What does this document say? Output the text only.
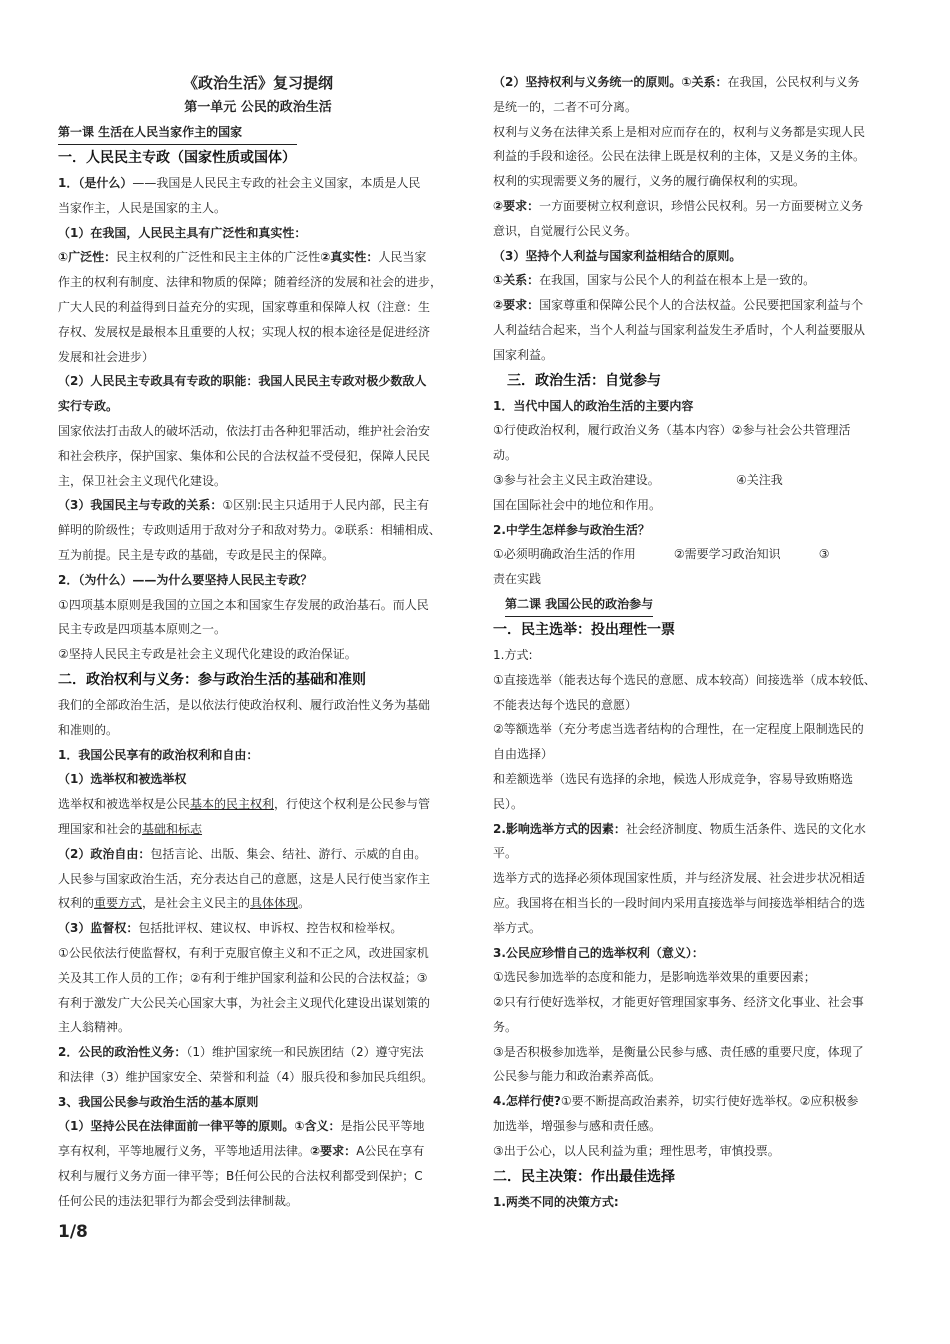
《政治生活》复习提纲

第一单元 公民的政治生活

第一课 生活在人民当家作主的国家

一．人民民主专政（国家性质或国体）

1．（是什么）——我国是人民民主专政的社会主义国家，本质是人民

当家作主，人民是国家的主人。

（1）在我国，人民民主具有广泛性和真实性：

①广泛性：民主权利的广泛性和民主主体的广泛性②真实性：人民当家

作主的权利有制度、法律和物质的保障；随着经济的发展和社会的进步，

广大人民的利益得到日益充分的实现，国家尊重和保障人权（注意：生

存权、发展权是最根本且重要的人权；实现人权的根本途径是促进经济

发展和社会进步）

（2）人民民主专政具有专政的职能：我国人民民主专政对极少数敌人

实行专政。

国家依法打击敌人的破坏活动，依法打击各种犯罪活动，维护社会治安

和社会秩序，保护国家、集体和公民的合法权益不受侵犯，保障人民民

主，保卫社会主义现代化建设。

（3）我国民主与专政的关系：①区别:民主只适用于人民内部，民主有

鲜明的阶级性；专政则适用于敌对分子和敌对势力。②联系：相辅相成、

互为前提。民主是专政的基础，专政是民主的保障。

2．（为什么）——为什么要坚持人民民主专政？

①四项基本原则是我国的立国之本和国家生存发展的政治基石。而人民

民主专政是四项基本原则之一。

②坚持人民民主专政是社会主义现代化建设的政治保证。

二．政治权利与义务：参与政治生活的基础和准则

我们的全部政治生活，是以依法行使政治权利、履行政治性义务为基础

和准则的。

1．我国公民享有的政治权利和自由：

（1）选举权和被选举权

选举权和被选举权是公民基本的民主权利，行使这个权利是公民参与管

理国家和社会的基础和标志

（2）政治自由：包括言论、出版、集会、结社、游行、示威的自由。

人民参与国家政治生活，充分表达自己的意愿，这是人民行使当家作主

权利的重要方式，是社会主义民主的具体体现。

（3）监督权：包括批评权、建议权、申诉权、控告权和检举权。

①公民依法行使监督权，有利于克服官僚主义和不正之风，改进国家机

关及其工作人员的工作；②有利于维护国家利益和公民的合法权益；③

有利于激发广大公民关心国家大事，为社会主义现代化建设出谋划策的

主人翁精神。

2．公民的政治性义务：（1）维护国家统一和民族团结（2）遵守宪法

和法律（3）维护国家安全、荣誉和利益（4）服兵役和参加民兵组织。

3、我国公民参与政治生活的基本原则

（1）坚持公民在法律面前一律平等的原则。①含义：是指公民平等地

享有权利，平等地履行义务，平等地适用法律。②要求：A公民在享有

权利与履行义务方面一律平等；B任何公民的合法权利都受到保护；C

任何公民的违法犯罪行为都会受到法律制裁。

（2）坚持权利与义务统一的原则。①关系：在我国，公民权利与义务

是统一的，二者不可分离。

权利与义务在法律关系上是相对应而存在的，权利与义务都是实现人民

利益的手段和途径。公民在法律上既是权利的主体，又是义务的主体。

权利的实现需要义务的履行，义务的履行确保权利的实现。

②要求：一方面要树立权利意识，珍惜公民权利。另一方面要树立义务

意识，自觉履行公民义务。

（3）坚持个人利益与国家利益相结合的原则。

①关系：在我国，国家与公民个人的利益在根本上是一致的。

②要求：国家尊重和保障公民个人的合法权益。公民要把国家利益与个

人利益结合起来，当个人利益与国家利益发生矛盾时，个人利益要服从

国家利益。

三．政治生活：自觉参与

1．当代中国人的政治生活的主要内容

①行使政治权利，履行政治义务（基本内容）②参与社会公共管理活

动。

③参与社会主义民主政治建设。                    ④关注我

国在国际社会中的地位和作用。

2.中学生怎样参与政治生活？

①必须明确政治生活的作用          ②需要学习政治知识          ③

责在实践

第二课 我国公民的政治参与

一．民主选举：投出理性一票

1.方式:

①直接选举（能表达每个选民的意愿、成本较高）间接选举（成本较低、

不能表达每个选民的意愿）

②等额选举（充分考虑当选者结构的合理性，在一定程度上限制选民的

自由选择）

和差额选举（选民有选择的余地，候选人形成竞争，容易导致贿赂选

民）。

2.影响选举方式的因素：社会经济制度、物质生活条件、选民的文化水

平。

选举方式的选择必须体现国家性质，并与经济发展、社会进步状况相适

应。我国将在相当长的一段时间内采用直接选举与间接选举相结合的选

举方式。

3.公民应珍惜自己的选举权利（意义）：

①选民参加选举的态度和能力，是影响选举效果的重要因素；

②只有行使好选举权，才能更好管理国家事务、经济文化事业、社会事

务。

③是否积极参加选举，是衡量公民参与感、责任感的重要尺度，体现了

公民参与能力和政治素养高低。

4.怎样行使?①要不断提高政治素养，切实行使好选举权。②应积极参

加选举，增强参与感和责任感。

③出于公心，以人民利益为重；理性思考，审慎投票。

二．民主决策：作出最佳选择

1.两类不同的决策方式:

1/8
